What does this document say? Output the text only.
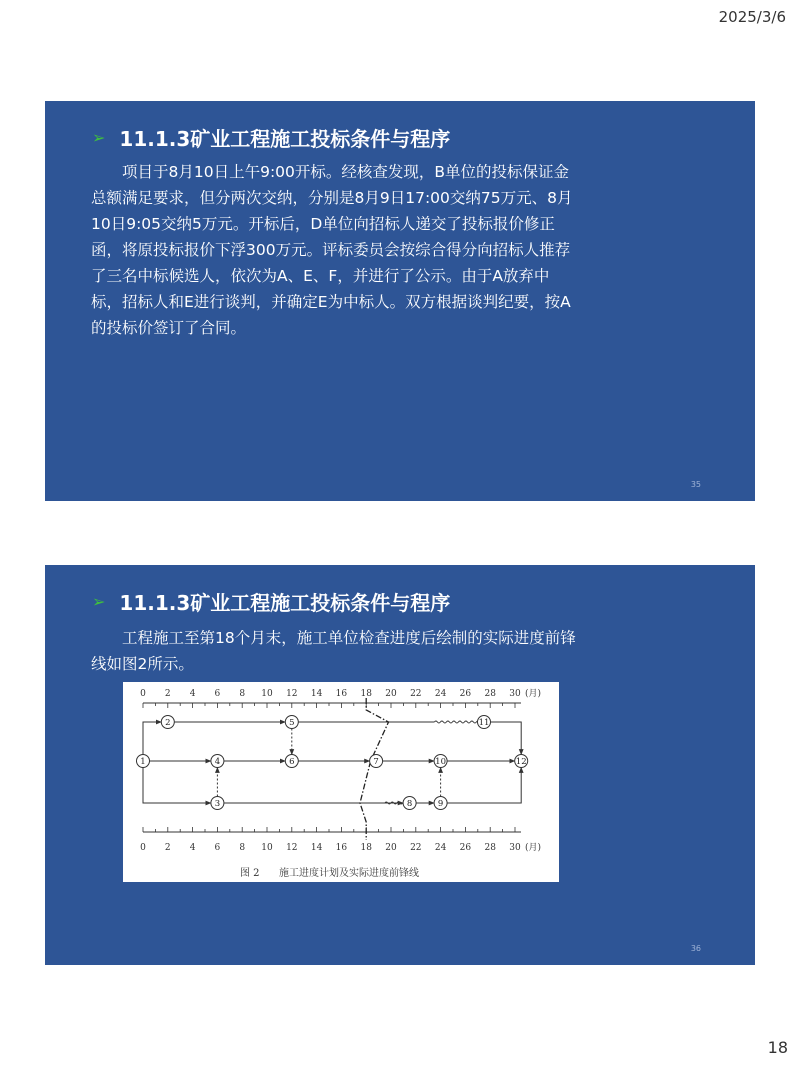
2025/3/6
➢ 11.1.3矿业工程施工投标条件与程序
项目于8月10日上午9:00开标。经核查发现，B单位的投标保证金总额满足要求，但分两次交纳，分别是8月9日17:00交纳75万元、8月10日9:05交纳5万元。开标后，D单位向招标人递交了投标报价修正函，将原投标报价下浮300万元。评标委员会按综合得分向招标人推荐了三名中标候选人，依次为A、E、F，并进行了公示。由于A放弃中标，招标人和E进行谈判，并确定E为中标人。双方根据谈判纪要，按A的投标价签订了合同。
35
➢ 11.1.3矿业工程施工投标条件与程序
工程施工至第18个月末，施工单位检查进度后绘制的实际进度前锋线如图2所示。
0 2 4 6 8 10 12 14 16 18 20 22 24 26 28 30 (月)
0 2 4 6 8 10 12 14 16 18 20 22 24 26 28 30 (月)
1
2
3
4
5
6	7
8	9
10
11
12
图 2 施工进度计划及实际进度前锋线
36
18
